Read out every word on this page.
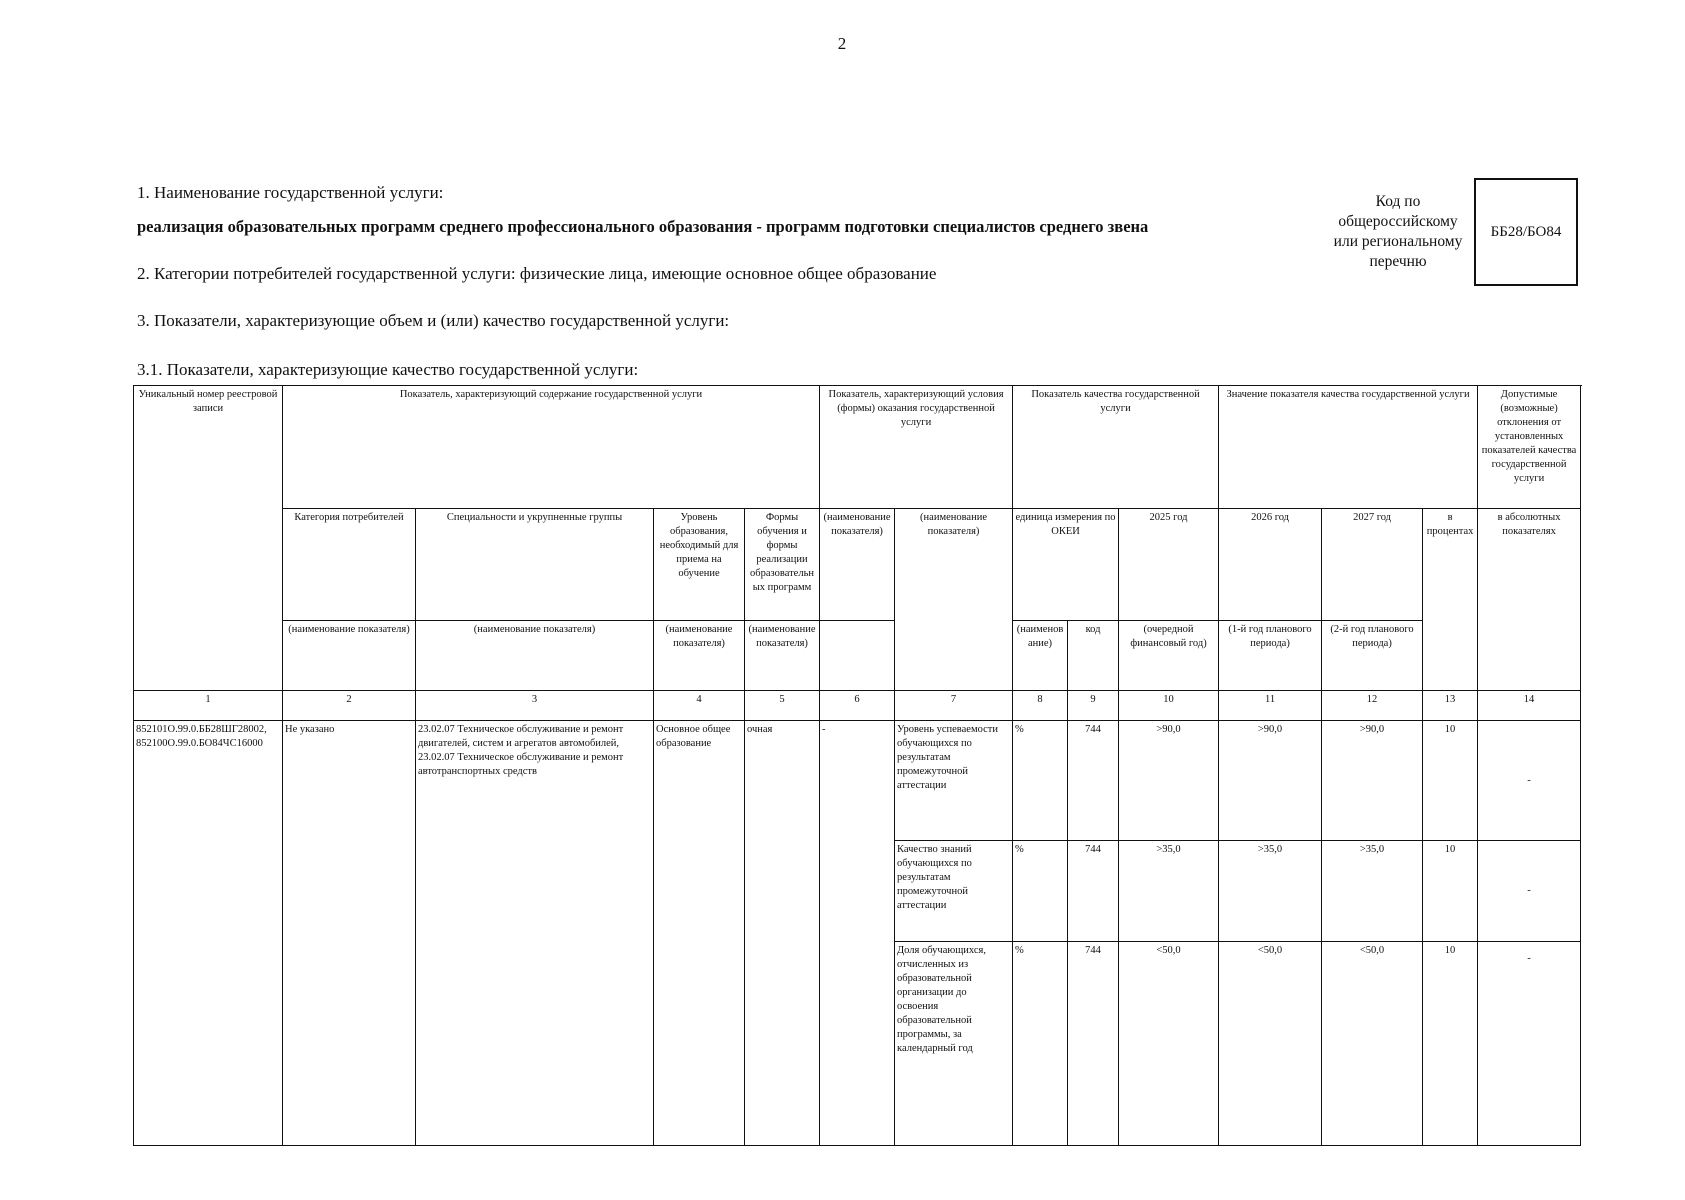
2
1. Наименование государственной услуги:
реализация образовательных программ среднего профессионального образования - программ подготовки специалистов среднего звена
2. Категории потребителей государственной услуги: физические лица, имеющие основное общее образование
3. Показатели, характеризующие объем и (или) качество государственной услуги:
3.1. Показатели, характеризующие качество государственной услуги:
Код по
общероссийскому
или региональному
перечню
ББ28/БО84
Уникальный номер реестровой записи	Показатель, характеризующий содержание государственной услуги				Показатель, характеризующий условия (формы) оказания государственной услуги		Показатель качества государственной услуги			Значение показателя качества государственной услуги			Допустимые (возможные) отклонения от установленных показателей качества государственной услуги
	Категория потребителей	Специальности и укрупненные группы	Уровень образования, необходимый для приема на обучение	Формы обучения и формы реализации образовательных программ	(наименование показателя)	(наименование показателя)	единица измерения по ОКЕИ		2025 год	2026 год	2027 год	в процентах	в абсолютных показателях
	(наименование показателя)	(наименование показателя)	(наименование показателя)	(наименование показателя)			(наименование)	код	(очередной финансовый год)	(1-й год планового периода)	(2-й год планового периода)		
1	2	3	4	5	6	7	8	9	10	11	12	13	14
852101О.99.0.ББ28ШГ28002, 852100О.99.0.БО84ЧС16000	Не указано	23.02.07 Техническое обслуживание и ремонт двигателей, систем и агрегатов автомобилей, 23.02.07 Техническое обслуживание и ремонт автотранспортных средств	Основное общее образование	очная	-	Уровень успеваемости обучающихся по результатам промежуточной аттестации	%	744	>90,0	>90,0	>90,0	10	-
						Качество знаний обучающихся по результатам промежуточной аттестации	%	744	>35,0	>35,0	>35,0	10	-
						Доля обучающихся, отчисленных из образовательной организации до освоения образовательной программы, за календарный год	%	744	<50,0	<50,0	<50,0	10	-
